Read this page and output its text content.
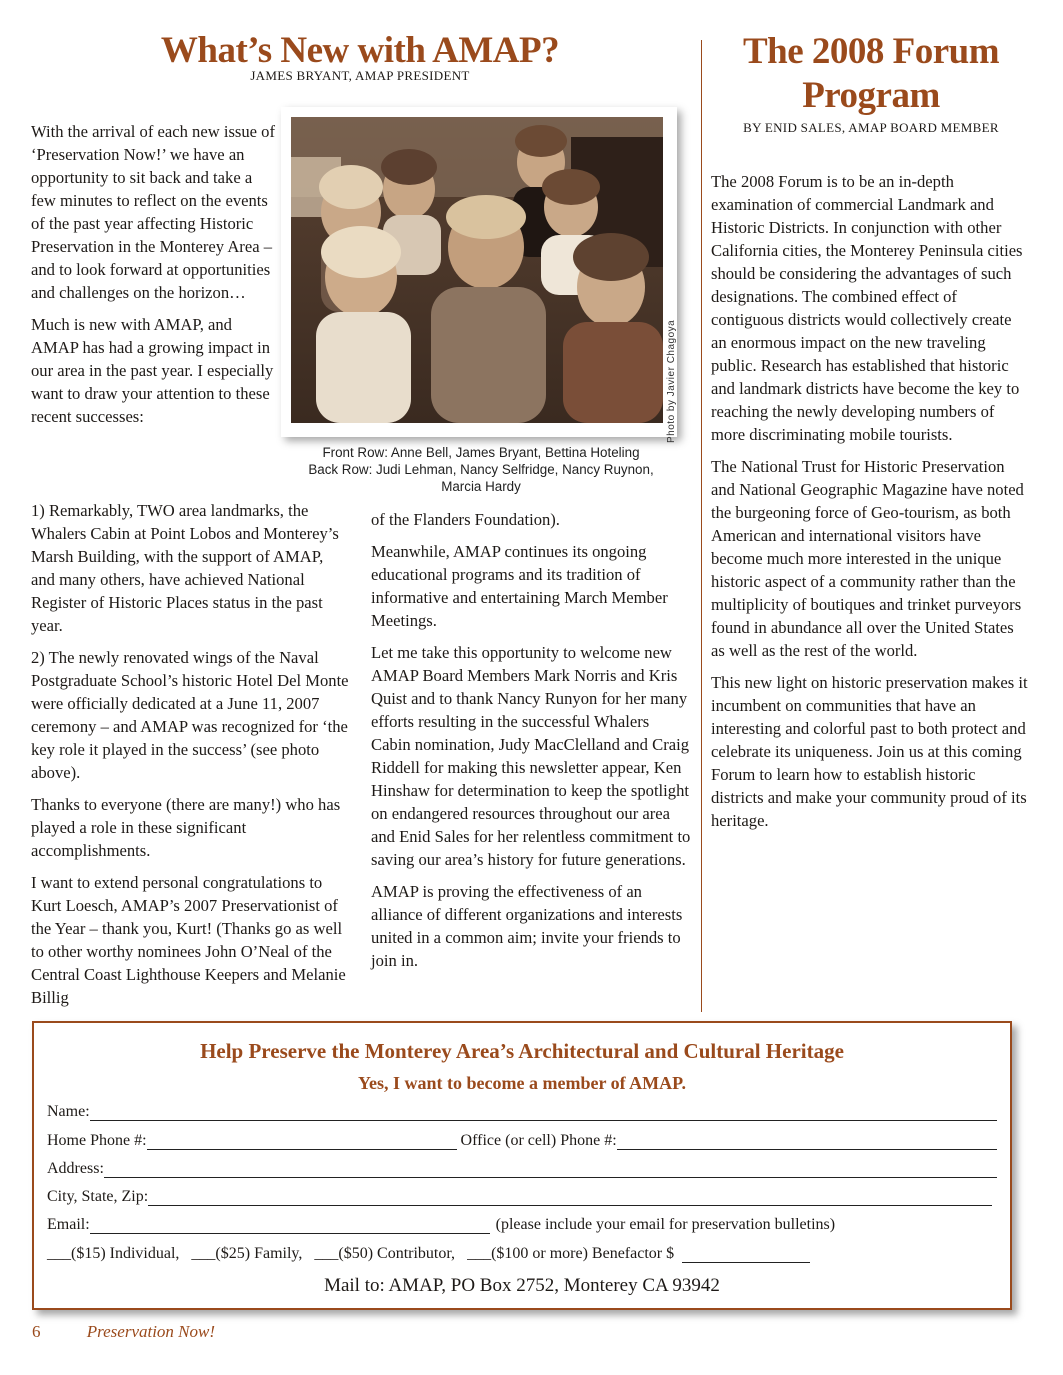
What’s New with AMAP?
JAMES BRYANT, AMAP PRESIDENT

With the arrival of each new issue of ‘Preservation Now!’ we have an opportunity to sit back and take a few minutes to reflect on the events of the past year affecting Historic Preservation in the Monterey Area – and to look forward at opportunities and challenges on the horizon…

Much is new with AMAP, and AMAP has had a growing impact in our area in the past year. I especially want to draw your attention to these recent successes:

1) Remarkably, TWO area landmarks, the Whalers Cabin at Point Lobos and Monterey’s Marsh Building, with the support of AMAP, and many others, have achieved National Register of Historic Places status in the past year.

2) The newly renovated wings of the Naval Postgraduate School’s historic Hotel Del Monte were officially dedicated at a June 11, 2007 ceremony – and AMAP was recognized for ‘the key role it played in the success’ (see photo above).

Thanks to everyone (there are many!) who has played a role in these significant accomplishments.

I want to extend personal congratulations to Kurt Loesch, AMAP’s 2007 Preservationist of the Year – thank you, Kurt! (Thanks go as well to other worthy nominees John O’Neal of the Central Coast Lighthouse Keepers and Melanie Billig

of the Flanders Foundation).

Meanwhile, AMAP continues its ongoing educational programs and its tradition of informative and entertaining March Member Meetings.

Let me take this opportunity to welcome new AMAP Board Members Mark Norris and Kris Quist and to thank Nancy Runyon for her many efforts resulting in the successful Whalers Cabin nomination, Judy MacClelland and Craig Riddell for making this newsletter appear, Ken Hinshaw for determination to keep the spotlight on endangered resources throughout our area and Enid Sales for her relentless commitment to saving our area’s history for future generations.

AMAP is proving the effectiveness of an alliance of different organizations and interests united in a common aim; invite your friends to join in.

Photo by Javier Chagoya
Front Row: Anne Bell, James Bryant, Bettina Hoteling
Back Row: Judi Lehman, Nancy Selfridge, Nancy Ruynon,
Marcia Hardy
The 2008 Forum
Program
BY ENID SALES, AMAP BOARD MEMBER

The 2008 Forum is to be an in-depth examination of commercial Landmark and Historic Districts. In conjunction with other California cities, the Monterey Peninsula cities should be considering the advantages of such designations. The combined effect of contiguous districts would collectively create an enormous impact on the new traveling public. Research has established that historic and landmark districts have become the key to reaching the newly developing numbers of more discriminating mobile tourists.

The National Trust for Historic Preservation and National Geographic Magazine have noted the burgeoning force of Geo-tourism, as both American and international visitors have become much more interested in the unique historic aspect of a community rather than the multiplicity of boutiques and trinket purveyors found in abundance all over the United States as well as the rest of the world.

This new light on historic preservation makes it incumbent on communities that have an interesting and colorful past to both protect and celebrate its uniqueness. Join us at this coming Forum to learn how to establish historic districts and make your community proud of its heritage.

Help Preserve the Monterey Area’s Architectural and Cultural Heritage
Yes, I want to become a member of AMAP.
Name:
Home Phone #:	Office (or cell) Phone #:
Address:
City, State, Zip:
Email:	(please include your email for preservation bulletins)
___($15) Individual, ___($25) Family, ___($50) Contributor, ___($100 or more) Benefactor $
Mail to: AMAP, PO Box 2752, Monterey CA 93942
6	Preservation Now!
